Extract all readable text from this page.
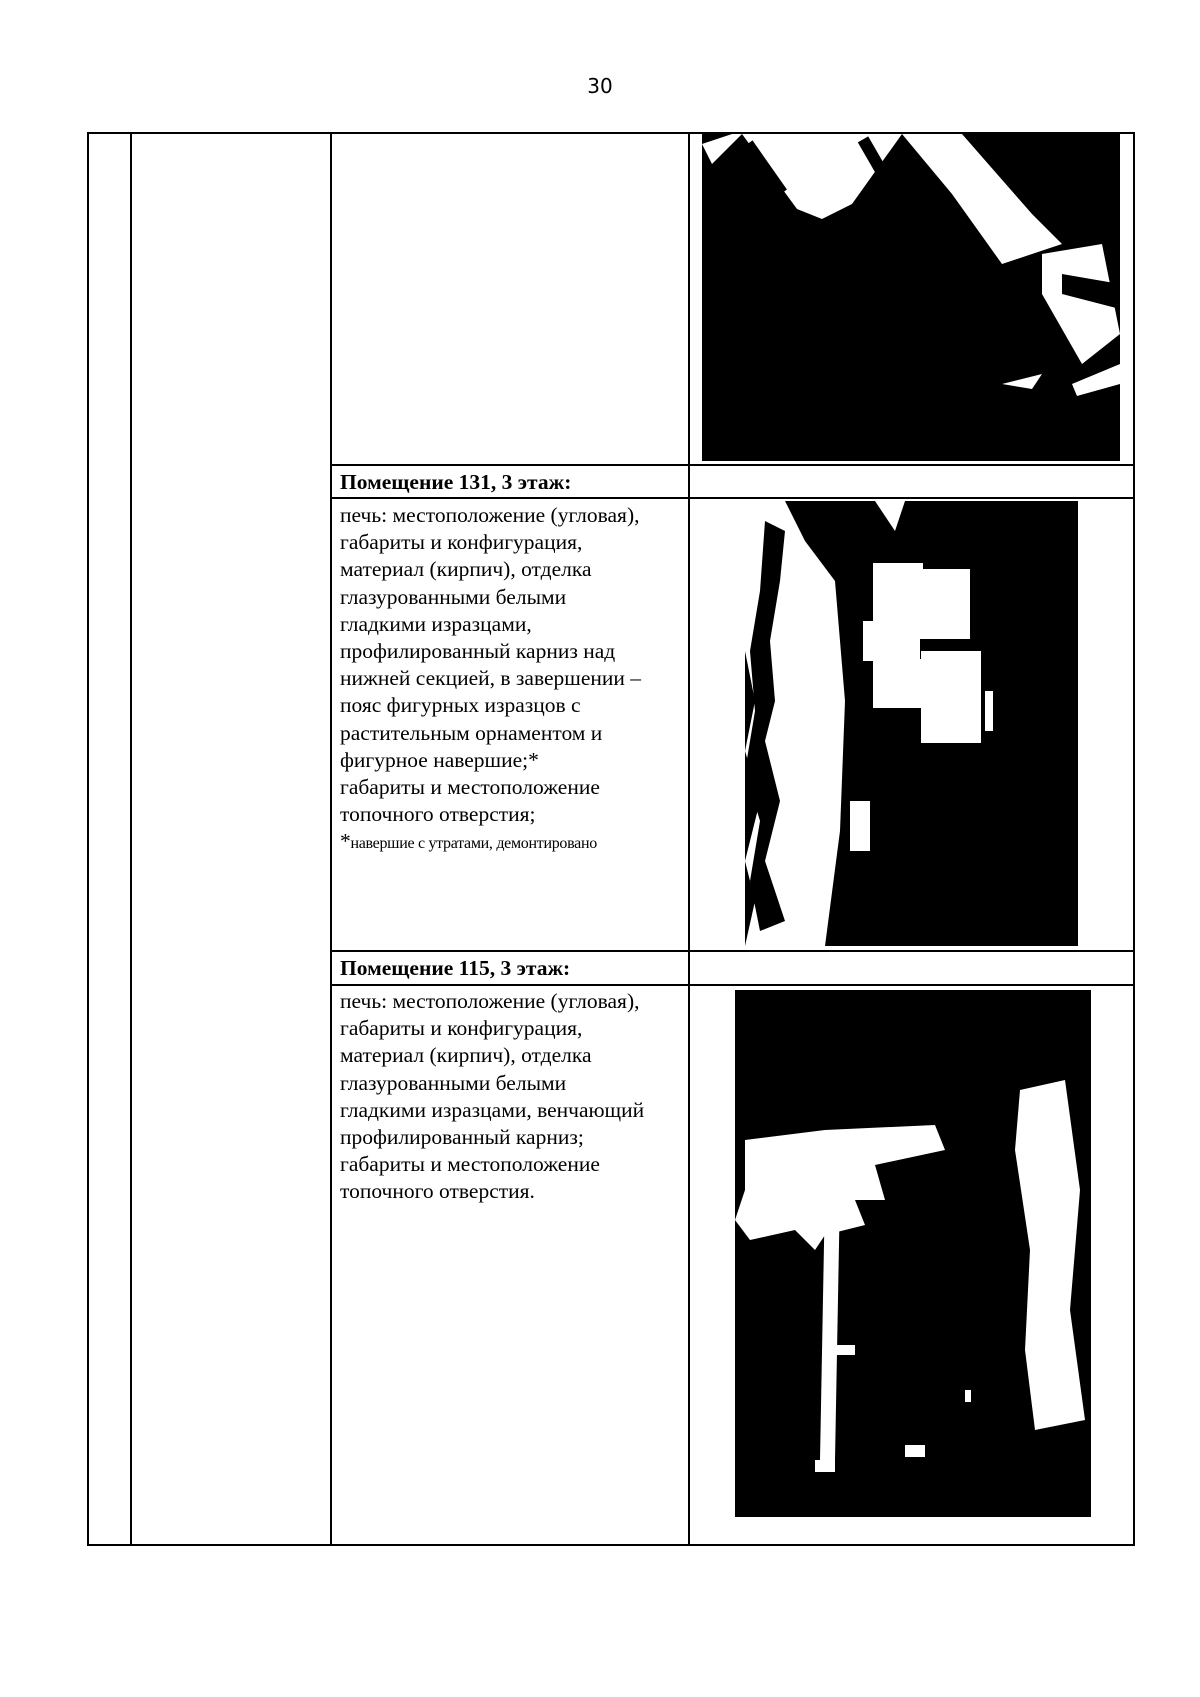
30
Помещение 131, 3 этаж:
печь: местоположение (угловая),
габариты и конфигурация,
материал (кирпич), отделка
глазурованными белыми
гладкими изразцами,
профилированный карниз над
нижней секцией, в завершении –
пояс фигурных изразцов с
растительным орнаментом и
фигурное навершие;*
габариты и местоположение
топочного отверстия;
*навершие с утратами, демонтировано
Помещение 115, 3 этаж:
печь: местоположение (угловая),
габариты и конфигурация,
материал (кирпич), отделка
глазурованными белыми
гладкими изразцами, венчающий
профилированный карниз;
габариты и местоположение
топочного отверстия.
